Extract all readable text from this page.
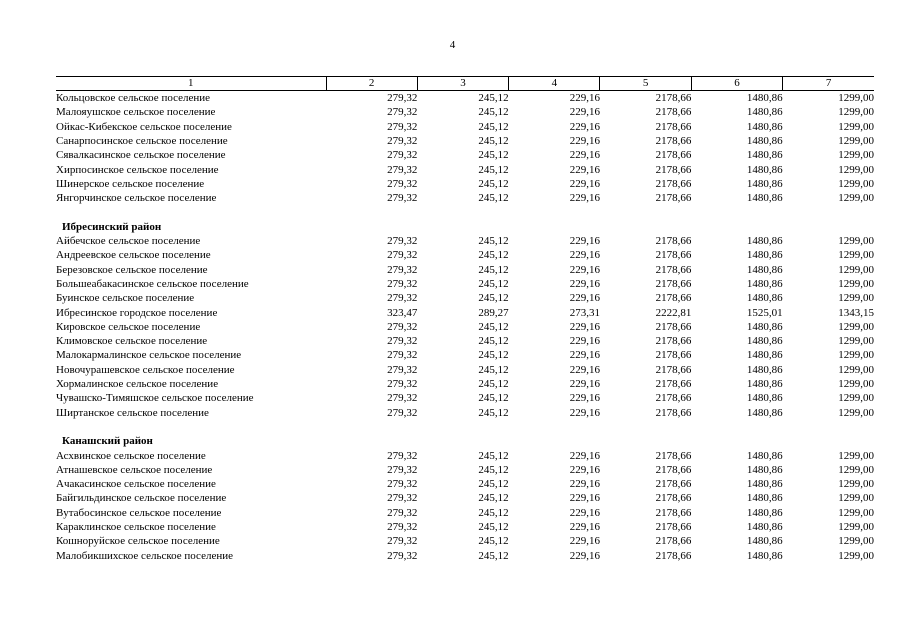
4
1	2	3	4	5	6	7
Кольцовское сельское поселение	279,32	245,12	229,16	2178,66	1480,86	1299,00
Малояушское сельское поселение	279,32	245,12	229,16	2178,66	1480,86	1299,00
Ойкас-Кибекское сельское поселение	279,32	245,12	229,16	2178,66	1480,86	1299,00
Санарпосинское сельское поселение	279,32	245,12	229,16	2178,66	1480,86	1299,00
Сявалкасинское сельское поселение	279,32	245,12	229,16	2178,66	1480,86	1299,00
Хирпосинское сельское поселение	279,32	245,12	229,16	2178,66	1480,86	1299,00
Шинерское сельское поселение	279,32	245,12	229,16	2178,66	1480,86	1299,00
Янгорчинское сельское поселение	279,32	245,12	229,16	2178,66	1480,86	1299,00

Ибресинский район						
Айбечское сельское поселение	279,32	245,12	229,16	2178,66	1480,86	1299,00
Андреевское сельское поселение	279,32	245,12	229,16	2178,66	1480,86	1299,00
Березовское сельское поселение	279,32	245,12	229,16	2178,66	1480,86	1299,00
Большеабакасинское сельское поселение	279,32	245,12	229,16	2178,66	1480,86	1299,00
Буинское сельское поселение	279,32	245,12	229,16	2178,66	1480,86	1299,00
Ибресинское городское поселение	323,47	289,27	273,31	2222,81	1525,01	1343,15
Кировское сельское поселение	279,32	245,12	229,16	2178,66	1480,86	1299,00
Климовское сельское поселение	279,32	245,12	229,16	2178,66	1480,86	1299,00
Малокармалинское сельское поселение	279,32	245,12	229,16	2178,66	1480,86	1299,00
Новочурашевское сельское поселение	279,32	245,12	229,16	2178,66	1480,86	1299,00
Хормалинское сельское поселение	279,32	245,12	229,16	2178,66	1480,86	1299,00
Чувашско-Тимяшское сельское поселение	279,32	245,12	229,16	2178,66	1480,86	1299,00
Ширтанское сельское поселение	279,32	245,12	229,16	2178,66	1480,86	1299,00

Канашский район						
Асхвинское сельское поселение	279,32	245,12	229,16	2178,66	1480,86	1299,00
Атнашевское сельское поселение	279,32	245,12	229,16	2178,66	1480,86	1299,00
Ачакасинское сельское поселение	279,32	245,12	229,16	2178,66	1480,86	1299,00
Байгильдинское сельское поселение	279,32	245,12	229,16	2178,66	1480,86	1299,00
Вутабосинское сельское поселение	279,32	245,12	229,16	2178,66	1480,86	1299,00
Караклинское сельское поселение	279,32	245,12	229,16	2178,66	1480,86	1299,00
Кошноруйское сельское поселение	279,32	245,12	229,16	2178,66	1480,86	1299,00
Малобикшихское сельское поселение	279,32	245,12	229,16	2178,66	1480,86	1299,00
